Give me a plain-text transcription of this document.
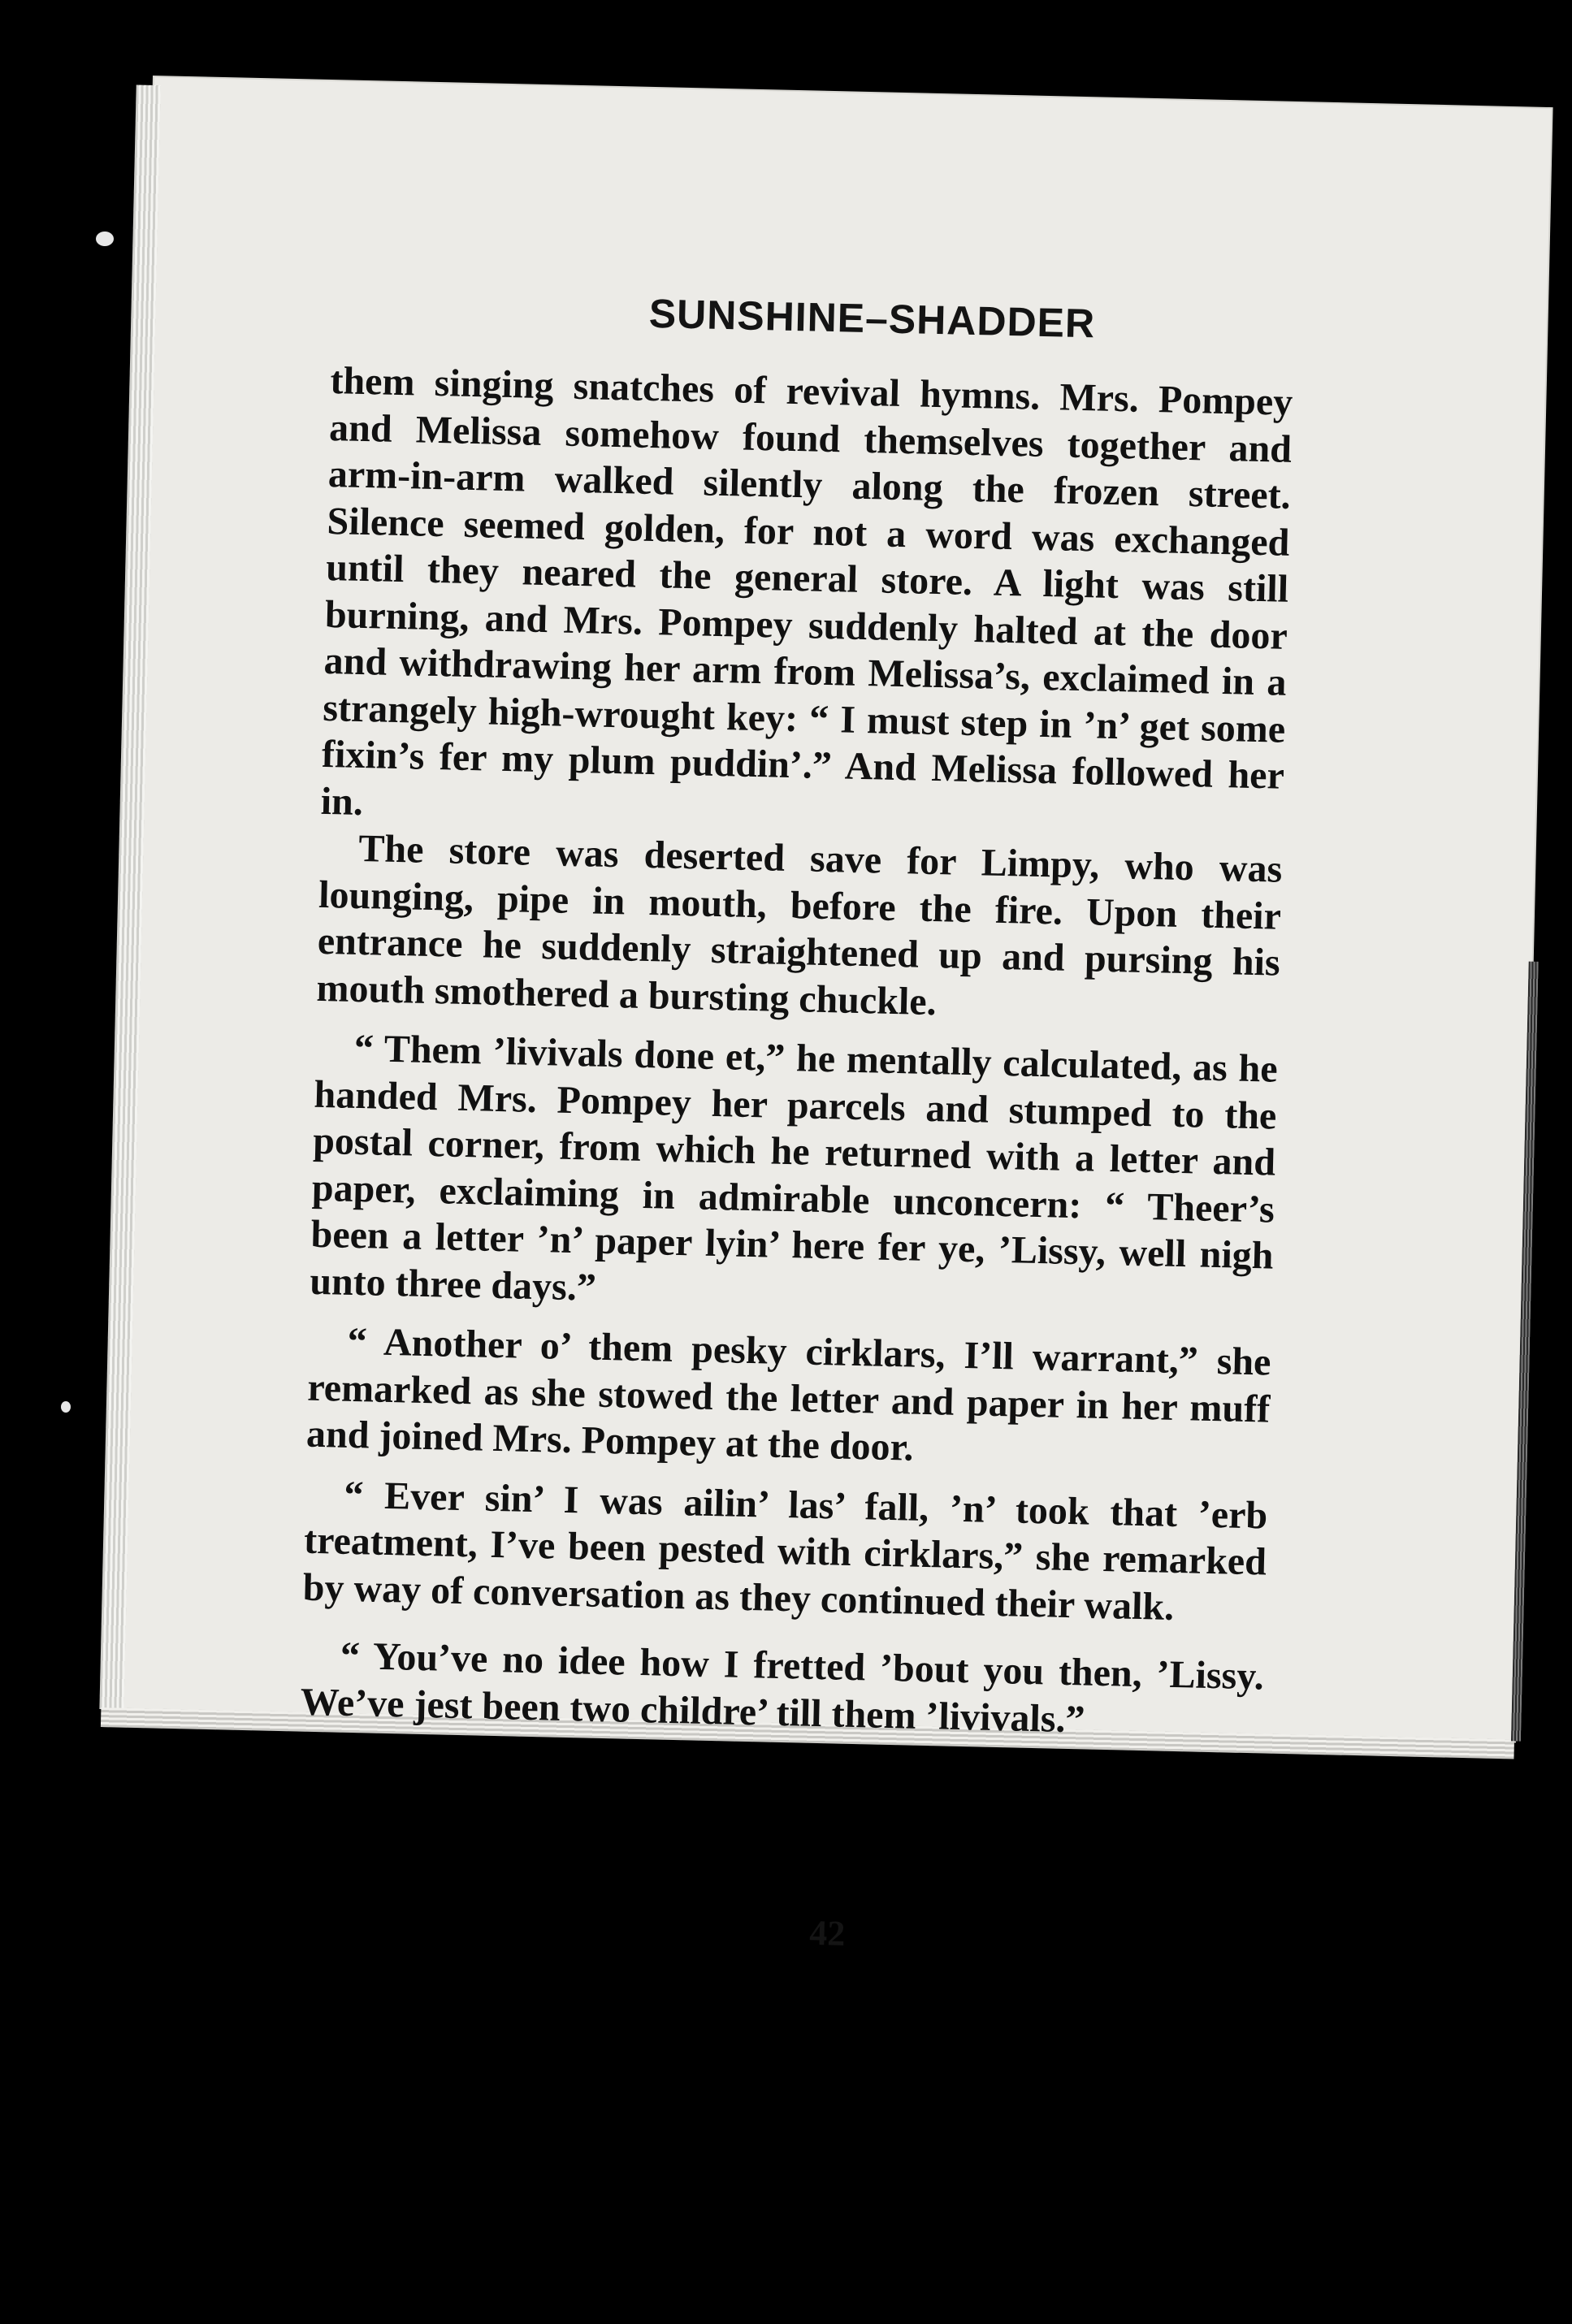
SUNSHINE–SHADDER

them singing snatches of revival hymns. Mrs. Pompey and Melissa somehow found themselves together and arm-in-arm walked silently along the frozen street. Silence seemed golden, for not a word was exchanged until they neared the general store. A light was still burning, and Mrs. Pompey suddenly halted at the door and withdrawing her arm from Melissa’s, exclaimed in a strangely high-wrought key: “ I must step in ’n’ get some fixin’s fer my plum puddin’.” And Melissa followed her in.

The store was deserted save for Limpy, who was lounging, pipe in mouth, before the fire. Upon their entrance he suddenly straightened up and pursing his mouth smothered a bursting chuckle.

“ Them ’livivals done et,” he mentally calculated, as he handed Mrs. Pompey her parcels and stumped to the postal corner, from which he returned with a letter and paper, exclaiming in admirable unconcern: “ Theer’s been a letter ’n’ paper lyin’ here fer ye, ’Lissy, well nigh unto three days.”

“ Another o’ them pesky cirklars, I’ll warrant,” she remarked as she stowed the letter and paper in her muff and joined Mrs. Pompey at the door.

“ Ever sin’ I was ailin’ las’ fall, ’n’ took that ’erb treatment, I’ve been pested with cirklars,” she remarked by way of conversation as they continued their walk.

“ You’ve no idee how I fretted ’bout you then, ’Lissy. We’ve jest been two childre’ till them ’livivals.”

42
